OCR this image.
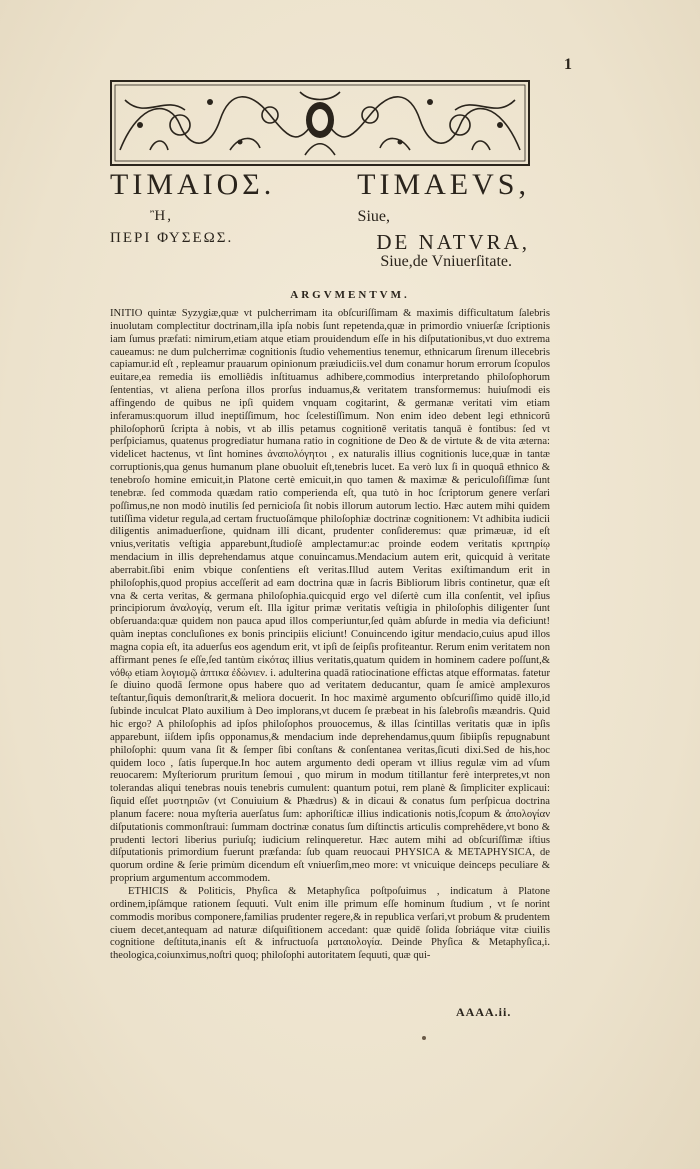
1
ΤΙΜΑΙΟΣ.	TIMAEVS,
Ἢ,	Siue,
ΠΕΡΙ ΦΥΣΕΩΣ.	DE NATVRA,
Siue,de Vniuerſitate.
ARGVMENTVM.

INITIO quintæ Syzygiæ,quæ vt pulcherrimam ita obſcuriſſimam & maximis difficultatum ſalebris inuolutam complectitur doctrinam,illa ipſa nobis ſunt repetenda,quæ in primordio vniuerſæ ſcriptionis iam ſumus præfati: nimirum,etiam atque etiam prouidendum eſſe in his diſputationibus,vt duo extrema caueamus: ne dum pulcherrimæ cognitionis ſtudio vehementius tenemur, ethnicarum ſirenum illecebris capiamur.id eſt , repleamur prauarum opinionum præiudiciis.vel dum conamur horum errorum ſcopulos euitare,ea remedia iis emolliêdis inſtituamus adhibere,commodius interpretando philoſophorum ſententias, vt aliena perſona illos prorſus induamus,& veritatem transformemus: huiuſmodi eis affingendo de quibus ne ipſi quidem vnquam cogitarint, & germanæ veritati vim etiam inferamus:quorum illud ineptiſſimum, hoc ſcelestiſſimum. Non enim ideo debent legi ethnicorũ philoſophorũ ſcripta à nobis, vt ab illis petamus cognitionē veritatis tanquā è fontibus: ſed vt perſpiciamus, quatenus progrediatur humana ratio in cognitione de Deo & de virtute & de vita æterna: videlicet hactenus, vt ſint homines ἀναπολόγητοι , ex naturalis illius cognitionis luce,quæ in tantæ corruptionis,qua genus humanum plane obuoluit eſt,tenebris lucet. Ea verò lux ſi in quoquâ ethnico & tenebroſo homine emicuit,in Platone certè emicuit,in quo tamen & maximæ & periculoſiſſimæ ſunt tenebræ. ſed commoda quædam ratio comperienda eſt, qua tutò in hoc ſcriptorum genere verſari poſſimus,ne non modò inutilis ſed pernicioſa ſit nobis illorum autorum lectio. Hæc autem mihi quidem tutiſſima videtur regula,ad certam fructuoſámque philoſophiæ doctrinæ cognitionem: Vt adhibita iudicii diligentis animaduerſione, quidnam illi dicant, prudenter conſideremus: quæ primæuæ, id eſt vnius,veritatis veſtigia apparebunt,ſtudioſè amplectamur:ac proinde eodem veritatis κριτηρίῳ mendacium in illis deprehendamus atque conuincamus.Mendacium autem erit, quicquid à veritate aberrabit.ſibi enim vbique conſentiens eſt veritas.Illud autem Veritas exiſtimandum erit in philoſophis,quod propius acceſſerit ad eam doctrina quæ in ſacris Bibliorum libris continetur, quæ eſt vna & certa veritas, & germana philoſophia.quicquid ergo vel diſertè cum illa conſentit, vel ipſius principiorum ἀναλογίᾳ, verum eſt. Illa igitur primæ veritatis veſtigia in philoſophis diligenter ſunt obſeruanda:quæ quidem non pauca apud illos comperiuntur,ſed quàm abſurde in media via deficiunt! quàm ineptas concluſiones ex bonis principiis eliciunt! Conuincendo igitur mendacio,cuius apud illos magna copia eſt, ita aduerſus eos agendum erit, vt ipſi de ſeipſis profiteantur. Rerum enim veritatem non affirmant penes ſe eſſe,ſed tantùm εἰκότας illius veritatis,quatum quidem in hominem cadere poſſunt,& νόθῳ etiam λογισμῷ ἁπτικα ἐδὼνιεν. i. adulterina quadā ratiocinatione effictas atque efformatas. fatetur ſe diuino quodā ſermone opus habere quo ad veritatem deducantur, quam ſe amicè amplexuros teſtantur,ſiquis demonſtrarit,& meliora docuerit. In hoc maximè argumento obſcuriſſimo quidē illo,id ſubinde inculcat Plato auxilium à Deo implorans,vt ducem ſe præbeat in his ſalebroſis mæandris. Quid hic ergo? A philoſophis ad ipſos philoſophos prouocemus, & illas ſcintillas veritatis quæ in ipſis apparebunt, iiſdem ipſis opponamus,& mendacium inde deprehendamus,quum ſibiipſis repugnabunt philoſophi: quum vana ſit & ſemper ſibi conſtans & conſentanea veritas,ſicuti dixi.Sed de his,hoc quidem loco , ſatis ſuperque.In hoc autem argumento dedi operam vt illius regulæ vim ad vſum reuocarem: Myſteriorum pruritum ſemoui , quo mirum in modum titillantur ferè interpretes,vt non tolerandas aliqui tenebras nouis tenebris cumulent: quantum potui, rem planè & ſimpliciter explicaui: ſiquid eſſet μυστηριῶν (vt Conuiuium & Phædrus) & in dicaui & conatus ſum perſpicua doctrina planum facere: noua myſteria auerſatus ſum: aphoriſticæ illius indicationis notis,ſcopum & ἀπολογίαν diſputationis commonſtraui: ſummam doctrinæ conatus ſum diſtinctis articulis comprehēdere,vt bono & prudenti lectori liberius puriuſq; iudicium relinqueretur. Hæc autem mihi ad obſcuriſſimæ iſtius diſputationis primordium fuerunt præfanda: ſub quam reuocaui PHYSICA & METAPHYSICA, de quorum ordine & ſerie primùm dicendum eſt vniuerſim,meo more: vt vnicuique deinceps peculiare & proprium argumentum accommodem.

ETHICIS & Politicis, Phyſica & Metaphyſica poſtpoſuimus , indicatum à Platone ordinem,ipſámque rationem ſequuti. Vult enim ille primum eſſe hominum ſtudium , vt ſe norint commodis moribus componere,familias prudenter regere,& in republica verſari,vt probum & prudentem ciuem decet,antequam ad naturæ diſquiſitionem accedant: quæ quidē ſolida ſobriáque vitæ ciuilis cognitione deſtituta,inanis eſt & infructuoſa ματαιολογία. Deinde Phyſica & Metaphyſica,i. theologica,coiunximus,noſtri quoq; philoſophi autoritatem ſequuti, quæ qui-

AAAA.ii.
